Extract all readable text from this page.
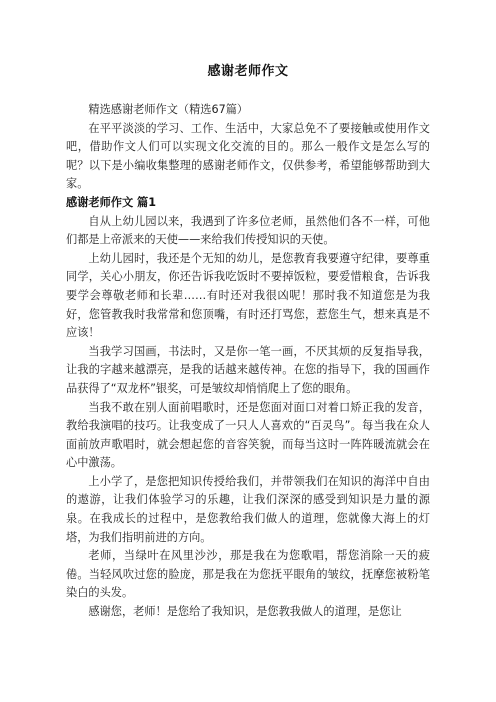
感谢老师作文

精选感谢老师作文（精选67篇）

在平平淡淡的学习、工作、生活中，大家总免不了要接触或使用作文吧，借助作文人们可以实现文化交流的目的。那么一般作文是怎么写的呢？以下是小编收集整理的感谢老师作文，仅供参考，希望能够帮助到大家。

感谢老师作文 篇1

自从上幼儿园以来，我遇到了许多位老师，虽然他们各不一样，可他们都是上帝派来的天使——来给我们传授知识的天使。

上幼儿园时，我还是个无知的幼儿，是您教育我要遵守纪律，要尊重同学，关心小朋友，你还告诉我吃饭时不要掉饭粒，要爱惜粮食，告诉我要学会尊敬老师和长辈……有时还对我很凶呢！那时我不知道您是为我好，您管教我时我常常和您顶嘴，有时还打骂您，惹您生气，想来真是不应该！

当我学习国画，书法时，又是你一笔一画，不厌其烦的反复指导我，让我的字越来越漂亮，是我的话越来越传神。在您的指导下，我的国画作品获得了“双龙杯”银奖，可是皱纹却悄悄爬上了您的眼角。

当我不敢在别人面前唱歌时，还是您面对面口对着口矫正我的发音，教给我演唱的技巧。让我变成了一只人人喜欢的“百灵鸟”。每当我在众人面前放声歌唱时，就会想起您的音容笑貌，而每当这时一阵阵暖流就会在心中激荡。

上小学了，是您把知识传授给我们，并带领我们在知识的海洋中自由的遨游，让我们体验学习的乐趣，让我们深深的感受到知识是力量的源泉。在我成长的过程中，是您教给我们做人的道理，您就像大海上的灯塔，为我们指明前进的方向。

老师，当绿叶在风里沙沙，那是我在为您歌唱，帮您消除一天的疲倦。当轻风吹过您的脸庞，那是我在为您抚平眼角的皱纹，抚摩您被粉笔染白的头发。

感谢您，老师！是您给了我知识，是您教我做人的道理，是您让
